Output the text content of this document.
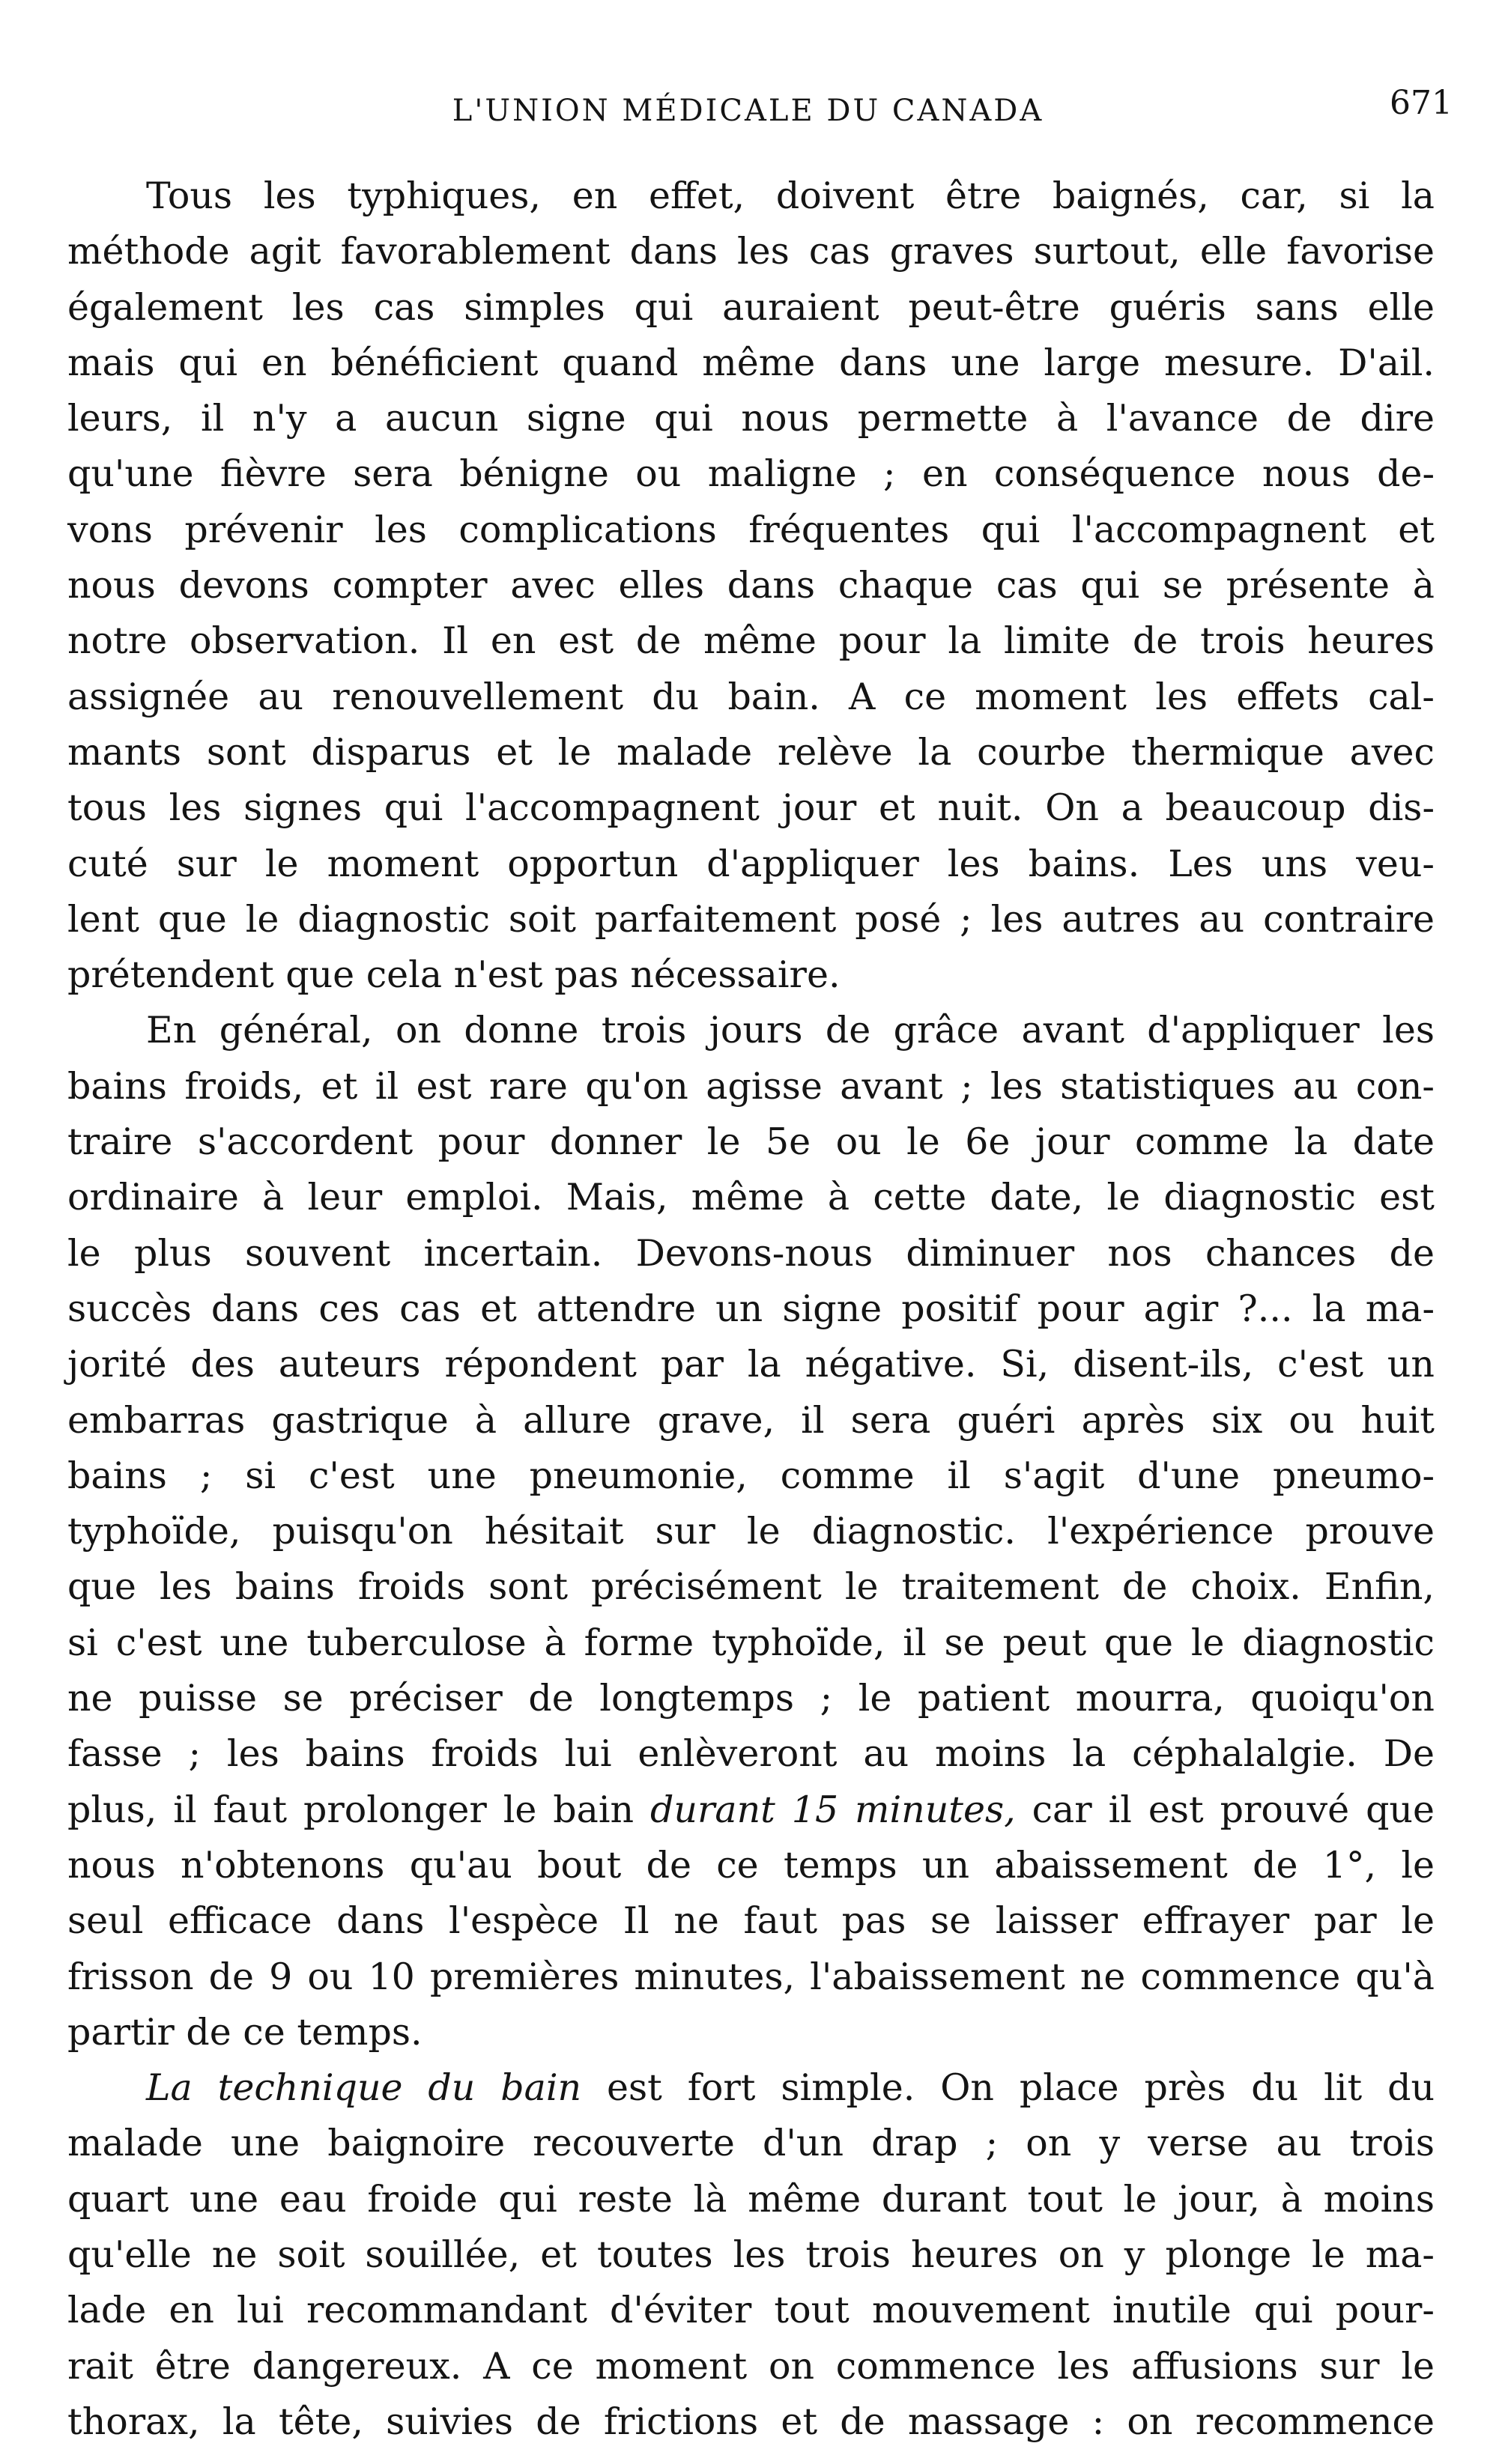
L'UNION MÉDICALE DU CANADA	671
Tous les typhiques, en effet, doivent être baignés, car, si la
méthode agit favorablement dans les cas graves surtout, elle favorise
également les cas simples qui auraient peut-être guéris sans elle
mais qui en bénéficient quand même dans une large mesure. D'ail.
leurs, il n'y a aucun signe qui nous permette à l'avance de dire
qu'une fièvre sera bénigne ou maligne ; en conséquence nous de-
vons prévenir les complications fréquentes qui l'accompagnent et
nous devons compter avec elles dans chaque cas qui se présente à
notre observation. Il en est de même pour la limite de trois heures
assignée au renouvellement du bain. A ce moment les effets cal-
mants sont disparus et le malade relève la courbe thermique avec
tous les signes qui l'accompagnent jour et nuit. On a beaucoup dis-
cuté sur le moment opportun d'appliquer les bains. Les uns veu-
lent que le diagnostic soit parfaitement posé ; les autres au contraire
prétendent que cela n'est pas nécessaire.
En général, on donne trois jours de grâce avant d'appliquer les
bains froids, et il est rare qu'on agisse avant ; les statistiques au con-
traire s'accordent pour donner le 5e ou le 6e jour comme la date
ordinaire à leur emploi. Mais, même à cette date, le diagnostic est
le plus souvent incertain. Devons-nous diminuer nos chances de
succès dans ces cas et attendre un signe positif pour agir ?... la ma-
jorité des auteurs répondent par la négative. Si, disent-ils, c'est un
embarras gastrique à allure grave, il sera guéri après six ou huit
bains ; si c'est une pneumonie, comme il s'agit d'une pneumo-
typhoïde, puisqu'on hésitait sur le diagnostic. l'expérience prouve
que les bains froids sont précisément le traitement de choix. Enfin,
si c'est une tuberculose à forme typhoïde, il se peut que le diagnostic
ne puisse se préciser de longtemps ; le patient mourra, quoiqu'on
fasse ; les bains froids lui enlèveront au moins la céphalalgie. De
plus, il faut prolonger le bain durant 15 minutes, car il est prouvé que
nous n'obtenons qu'au bout de ce temps un abaissement de 1°, le
seul efficace dans l'espèce Il ne faut pas se laisser effrayer par le
frisson de 9 ou 10 premières minutes, l'abaissement ne commence qu'à
partir de ce temps.
La technique du bain est fort simple. On place près du lit du
malade une baignoire recouverte d'un drap ; on y verse au trois
quart une eau froide qui reste là même durant tout le jour, à moins
qu'elle ne soit souillée, et toutes les trois heures on y plonge le ma-
lade en lui recommandant d'éviter tout mouvement inutile qui pour-
rait être dangereux. A ce moment on commence les affusions sur le
thorax, la tête, suivies de frictions et de massage : on recommence
